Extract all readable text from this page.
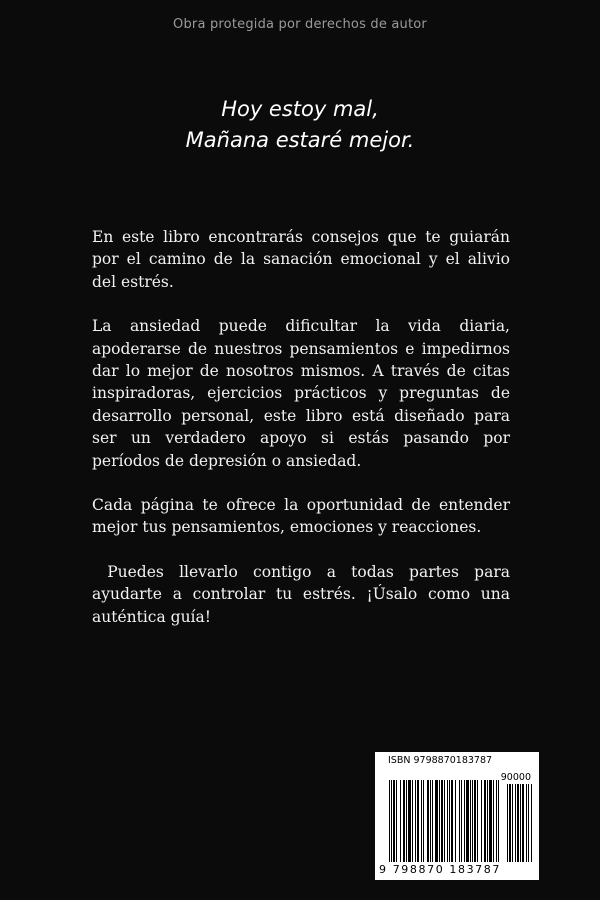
Obra protegida por derechos de autor
Hoy estoy mal,
Mañana estaré mejor.

En este libro encontrarás consejos que te guiarán por el camino de la sanación emocional y el alivio del estrés.

La ansiedad puede dificultar la vida diaria, apoderarse de nuestros pensamientos e impedirnos dar lo mejor de nosotros mismos. A través de citas inspiradoras, ejercicios prácticos y preguntas de desarrollo personal, este libro está diseñado para ser un verdadero apoyo si estás pasando por períodos de depresión o ansiedad.

Cada página te ofrece la oportunidad de entender mejor tus pensamientos, emociones y reacciones.

Puedes llevarlo contigo a todas partes para ayudarte a controlar tu estrés. ¡Úsalo como una auténtica guía!

ISBN 9798870183787
90000
9 798870 183787
